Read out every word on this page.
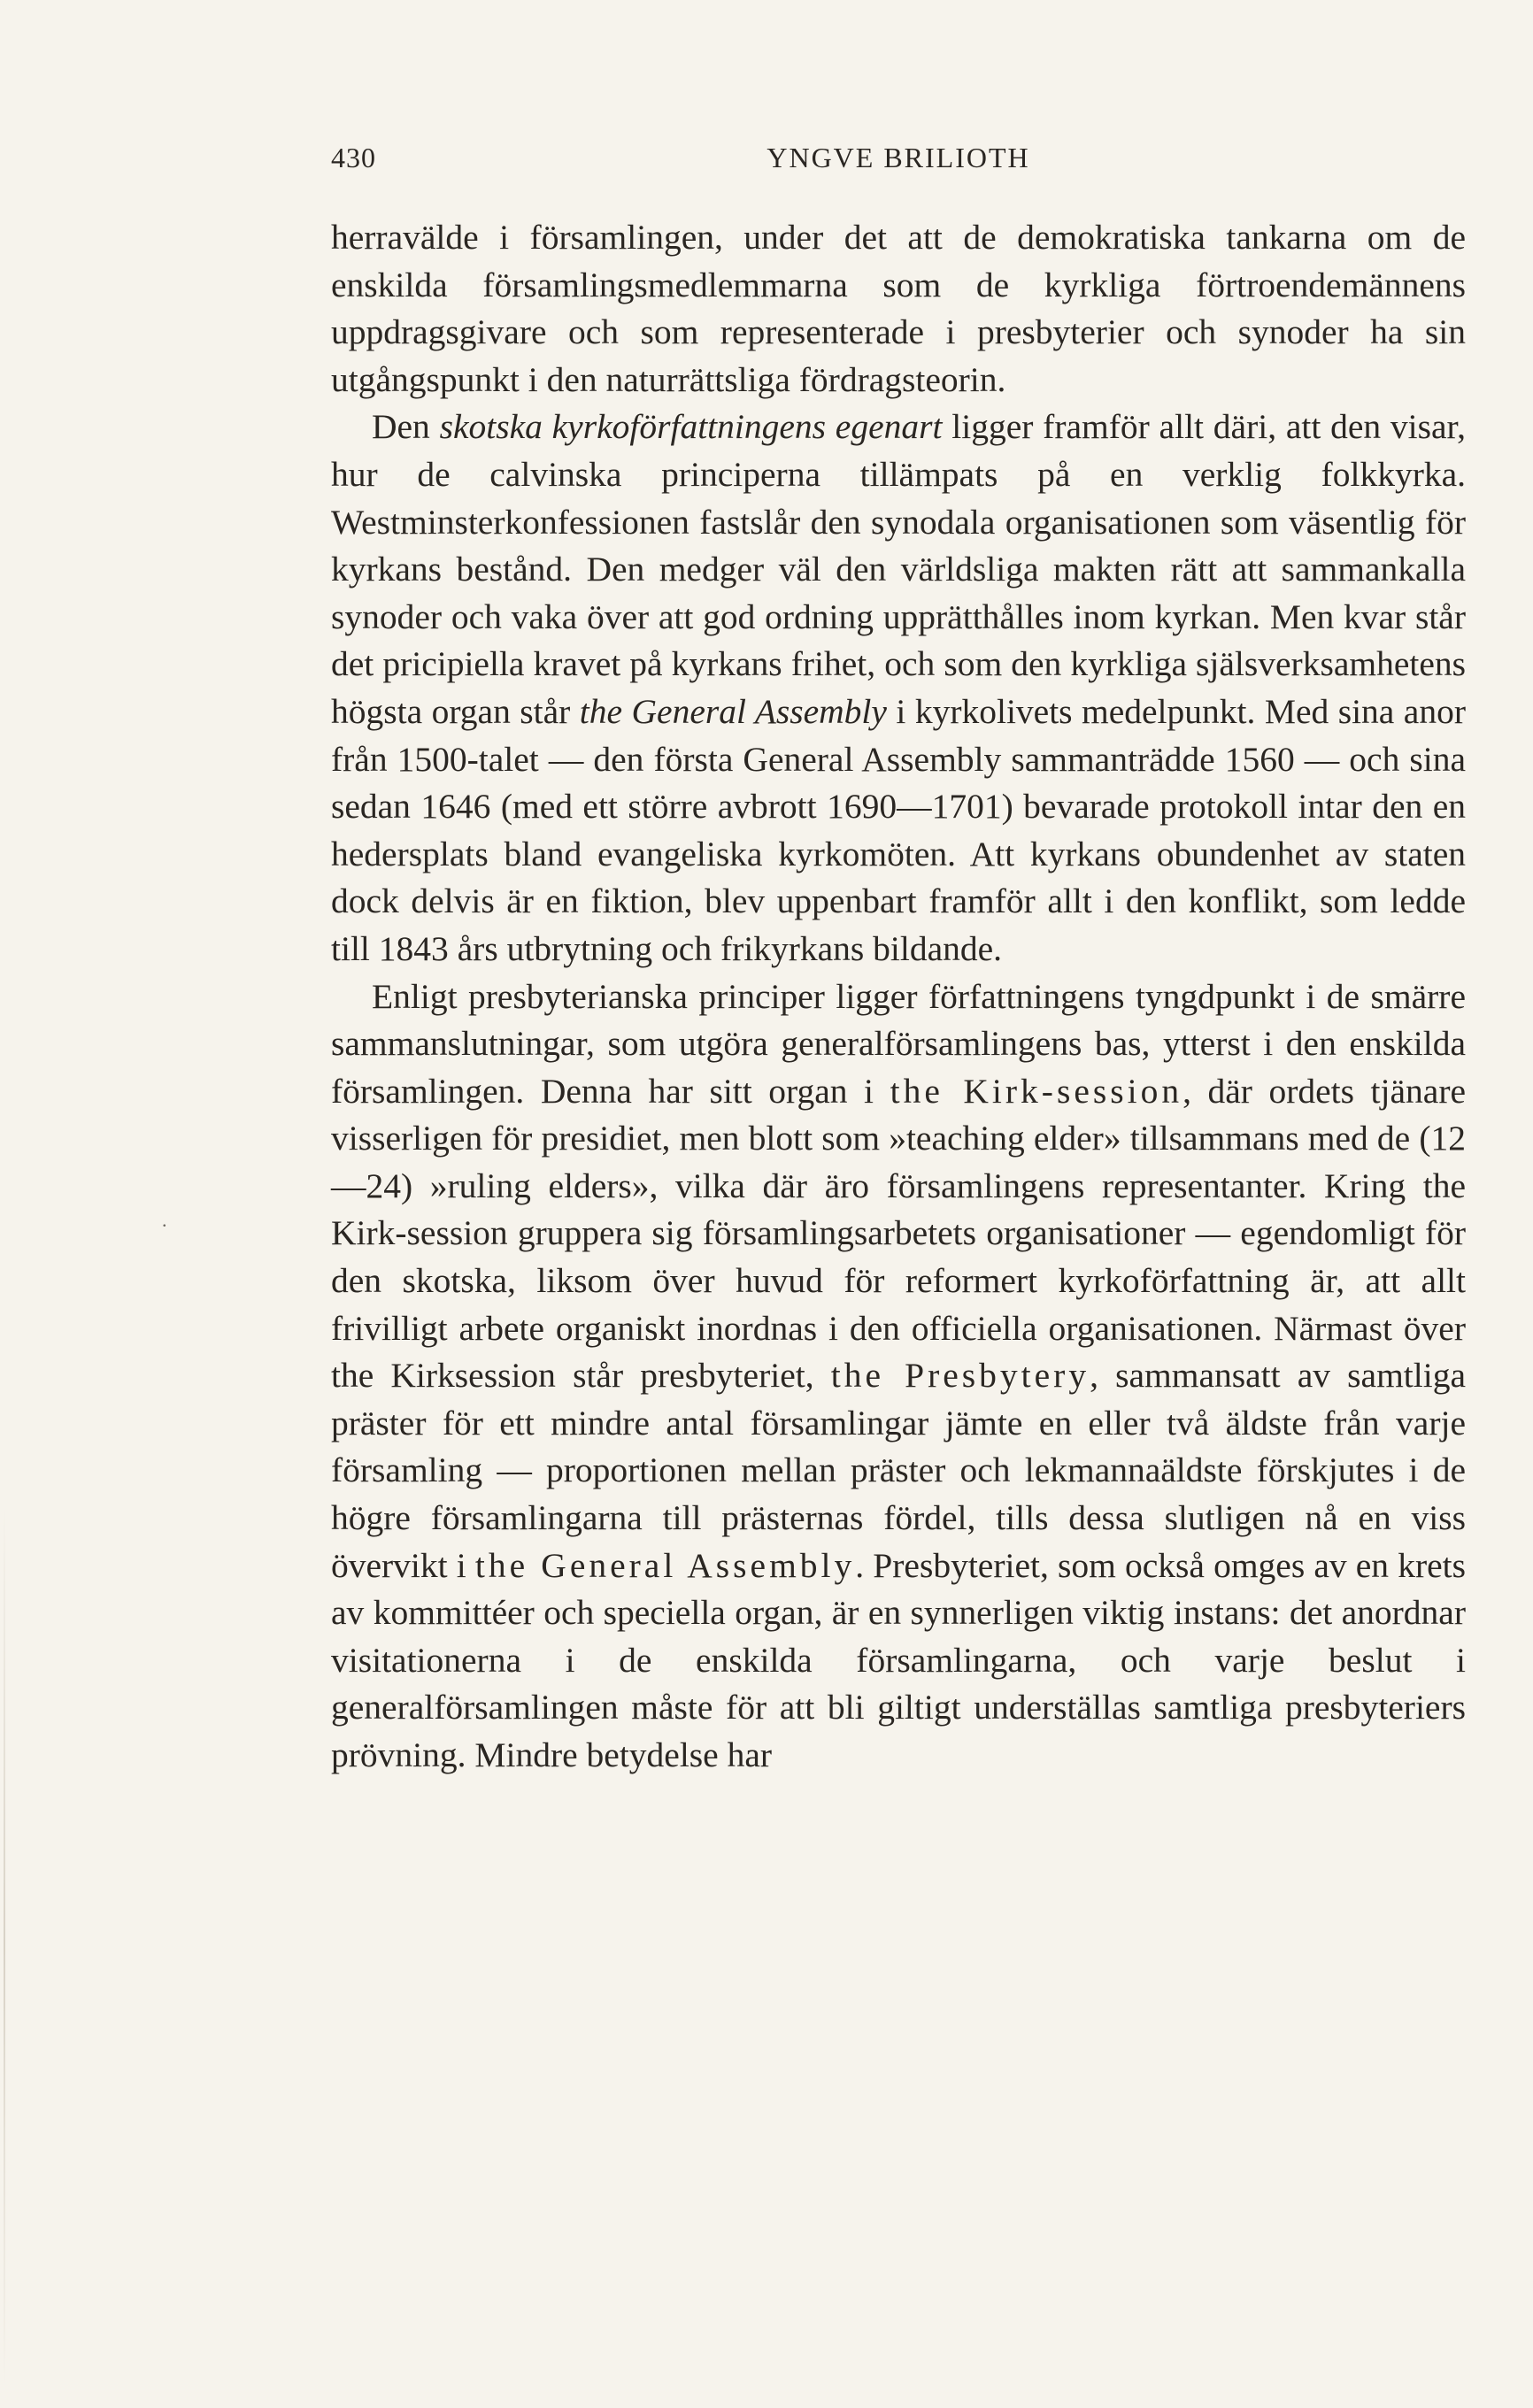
430	YNGVE BRILIOTH

herravälde i församlingen, under det att de demokratiska tankarna om de enskilda församlingsmedlemmarna som de kyrkliga förtroendemännens uppdragsgivare och som representerade i presbyterier och synoder ha sin utgångspunkt i den naturrättsliga fördragsteorin.

Den skotska kyrkoförfattningens egenart ligger framför allt däri, att den visar, hur de calvinska principerna tillämpats på en verklig folkkyrka. Westminsterkonfessionen fastslår den synodala organisationen som väsentlig för kyrkans bestånd. Den medger väl den världsliga makten rätt att sammankalla synoder och vaka över att god ordning upprätthålles inom kyrkan. Men kvar står det pricipiella kravet på kyrkans frihet, och som den kyrkliga själsverksamhetens högsta organ står the General Assembly i kyrkolivets medelpunkt. Med sina anor från 1500-talet — den första General Assembly sammanträdde 1560 — och sina sedan 1646 (med ett större avbrott 1690—1701) bevarade protokoll intar den en hedersplats bland evangeliska kyrkomöten. Att kyrkans obundenhet av staten dock delvis är en fiktion, blev uppenbart framför allt i den konflikt, som ledde till 1843 års utbrytning och frikyrkans bildande.

Enligt presbyterianska principer ligger författningens tyngdpunkt i de smärre sammanslutningar, som utgöra generalförsamlingens bas, ytterst i den enskilda församlingen. Denna har sitt organ i the Kirk-session, där ordets tjänare visserligen för presidiet, men blott som »teaching elder» tillsammans med de (12—24) »ruling elders», vilka där äro församlingens representanter. Kring the Kirk-session gruppera sig församlingsarbetets organisationer — egendomligt för den skotska, liksom över huvud för reformert kyrkoförfattning är, att allt frivilligt arbete organiskt inordnas i den officiella organisationen. Närmast över the Kirksession står presbyteriet, the Presbytery, sammansatt av samtliga präster för ett mindre antal församlingar jämte en eller två äldste från varje församling — proportionen mellan präster och lekmannaäldste förskjutes i de högre församlingarna till prästernas fördel, tills dessa slutligen nå en viss övervikt i the General Assembly. Presbyteriet, som också omges av en krets av kommittéer och speciella organ, är en synnerligen viktig instans: det anordnar visitationerna i de enskilda församlingarna, och varje beslut i generalförsamlingen måste för att bli giltigt underställas samtliga presbyteriers prövning. Mindre betydelse har

.
